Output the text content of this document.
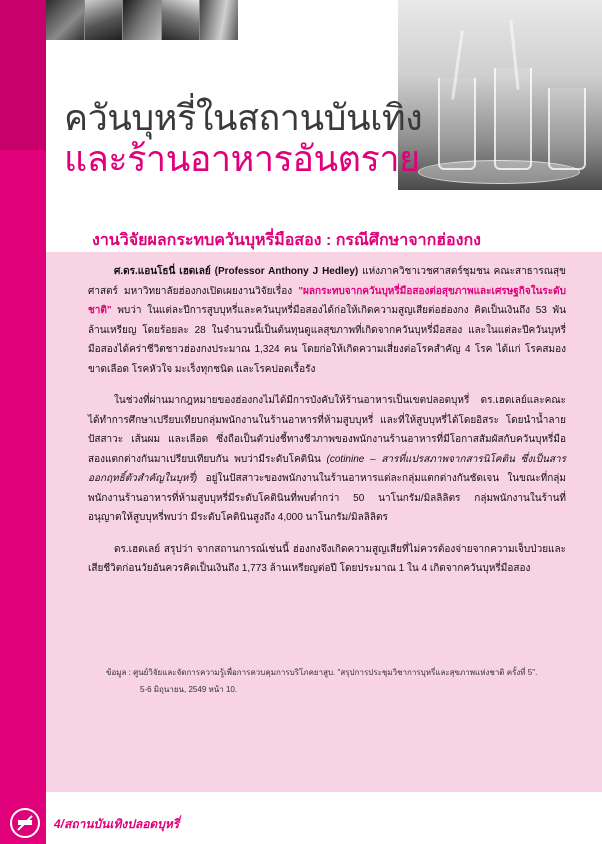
ควันบุหรี่ในสถานบันเทิง
และร้านอาหารอันตราย
งานวิจัยผลกระทบควันบุหรี่มือสอง : กรณีศึกษาจากฮ่องกง

ศ.ดร.แอนโธนี่ เฮดเลย์ (Professor Anthony J Hedley) แห่งภาควิชาเวชศาสตร์ชุมชน คณะสาธารณสุขศาสตร์ มหาวิทยาลัยฮ่องกงเปิดเผยงานวิจัยเรื่อง "ผลกระทบจากควันบุหรี่มือสองต่อสุขภาพและเศรษฐกิจในระดับชาติ" พบว่า ในแต่ละปีการสูบบุหรี่และควันบุหรี่มือสองได้ก่อให้เกิดความสูญเสียต่อฮ่องกง คิดเป็นเงินถึง 53 พันล้านเหรียญ โดยร้อยละ 28 ในจำนวนนี้เป็นต้นทุนดูแลสุขภาพที่เกิดจากควันบุหรี่มือสอง และในแต่ละปีควันบุหรี่มือสองได้คร่าชีวิตชาวฮ่องกงประมาณ 1,324 คน โดยก่อให้เกิดความเสี่ยงต่อโรคสำคัญ 4 โรค ได้แก่ โรคสมองขาดเลือด โรคหัวใจ มะเร็งทุกชนิด และโรคปอดเรื้อรัง

ในช่วงที่ผ่านมากฎหมายของฮ่องกงไม่ได้มีการบังคับให้ร้านอาหารเป็นเขตปลอดบุหรี่ ดร.เฮดเลย์และคณะ ได้ทำการศึกษาเปรียบเทียบกลุ่มพนักงานในร้านอาหารที่ห้ามสูบบุหรี่ และที่ให้สูบบุหรี่ได้โดยอิสระ โดยนำน้ำลาย ปัสสาวะ เส้นผม และเลือด ซึ่งถือเป็นตัวบ่งชี้ทางชีวภาพของพนักงานร้านอาหารที่มีโอกาสสัมผัสกับควันบุหรี่มือสองแตกต่างกันมาเปรียบเทียบกัน พบว่ามีระดับโคตินิน (cotinine – สารที่แปรสภาพจากสารนิโคติน ซึ่งเป็นสารออกฤทธิ์ตัวสำคัญในบุหรี่) อยู่ในปัสสาวะของพนักงานในร้านอาหารแต่ละกลุ่มแตกต่างกันชัดเจน ในขณะที่กลุ่มพนักงานร้านอาหารที่ห้ามสูบบุหรี่มีระดับโคตินินที่พบต่ำกว่า 50 นาโนกรัม/มิลลิลิตร กลุ่มพนักงานในร้านที่อนุญาตให้สูบบุหรี่พบว่า มีระดับโคตินินสูงถึง 4,000 นาโนกรัม/มิลลิลิตร

ดร.เฮดเลย์ สรุปว่า จากสถานการณ์เช่นนี้ ฮ่องกงจึงเกิดความสูญเสียที่ไม่ควรต้องจ่ายจากความเจ็บป่วยและเสียชีวิตก่อนวัยอันควรคิดเป็นเงินถึง 1,773 ล้านเหรียญต่อปี โดยประมาณ 1 ใน 4 เกิดจากควันบุหรี่มือสอง

ข้อมูล : ศูนย์วิจัยและจัดการความรู้เพื่อการควบคุมการบริโภคยาสูบ. "สรุปการประชุมวิชาการบุหรี่และสุขภาพแห่งชาติ ครั้งที่ 5".
5-6 มิถุนายน, 2549 หน้า 10.
4/สถานบันเทิงปลอดบุหรี่
